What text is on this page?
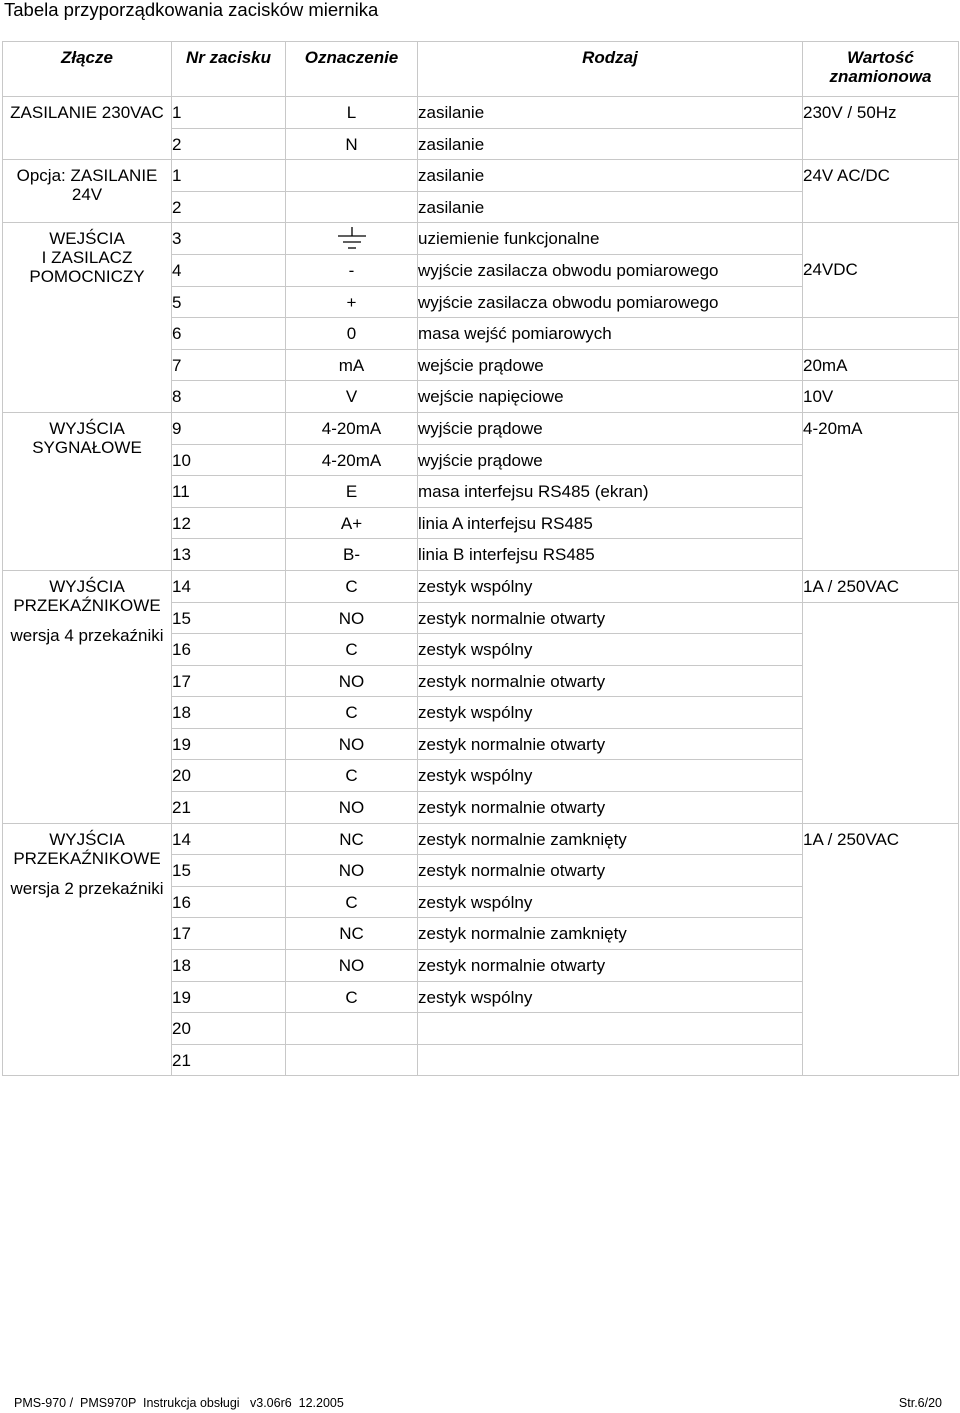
Tabela przyporządkowania zacisków miernika
Złącze	Nr zacisku	Oznaczenie	Rodzaj	Wartość
znamionowa
ZASILANIE 230VAC	1	L	zasilanie	230V / 50Hz
	2	N	zasilanie	
Opcja: ZASILANIE
24V	1		zasilanie	24V AC/DC
	2		zasilanie	
WEJŚCIA
I ZASILACZ
POMOCNICZY	3		uziemienie funkcjonalne	
	4	-	wyjście zasilacza obwodu pomiarowego	24VDC
	5	+	wyjście zasilacza obwodu pomiarowego	
	6	0	masa wejść pomiarowych	
	7	mA	wejście prądowe	20mA
	8	V	wejście napięciowe	10V
WYJŚCIA
SYGNAŁOWE	9	4-20mA	wyjście prądowe	4-20mA
	10	4-20mA	wyjście prądowe	
	11	E	masa interfejsu RS485 (ekran)	
	12	A+	linia A interfejsu RS485	
	13	B-	linia B interfejsu RS485	
WYJŚCIA
PRZEKAŹNIKOWE
wersja 4 przekaźniki	14	C	zestyk wspólny	1A / 250VAC
	15	NO	zestyk normalnie otwarty	
	16	C	zestyk wspólny	
	17	NO	zestyk normalnie otwarty	
	18	C	zestyk wspólny	
	19	NO	zestyk normalnie otwarty	
	20	C	zestyk wspólny	
	21	NO	zestyk normalnie otwarty	
WYJŚCIA
PRZEKAŹNIKOWE
wersja 2 przekaźniki	14	NC	zestyk normalnie zamknięty	1A / 250VAC
	15	NO	zestyk normalnie otwarty	
	16	C	zestyk wspólny	
	17	NC	zestyk normalnie zamknięty	
	18	NO	zestyk normalnie otwarty	
	19	C	zestyk wspólny	
	20			
	21			
PMS-970 /  PMS970P  Instrukcja obsługi   v3.06r6  12.2005	Str.6/20
